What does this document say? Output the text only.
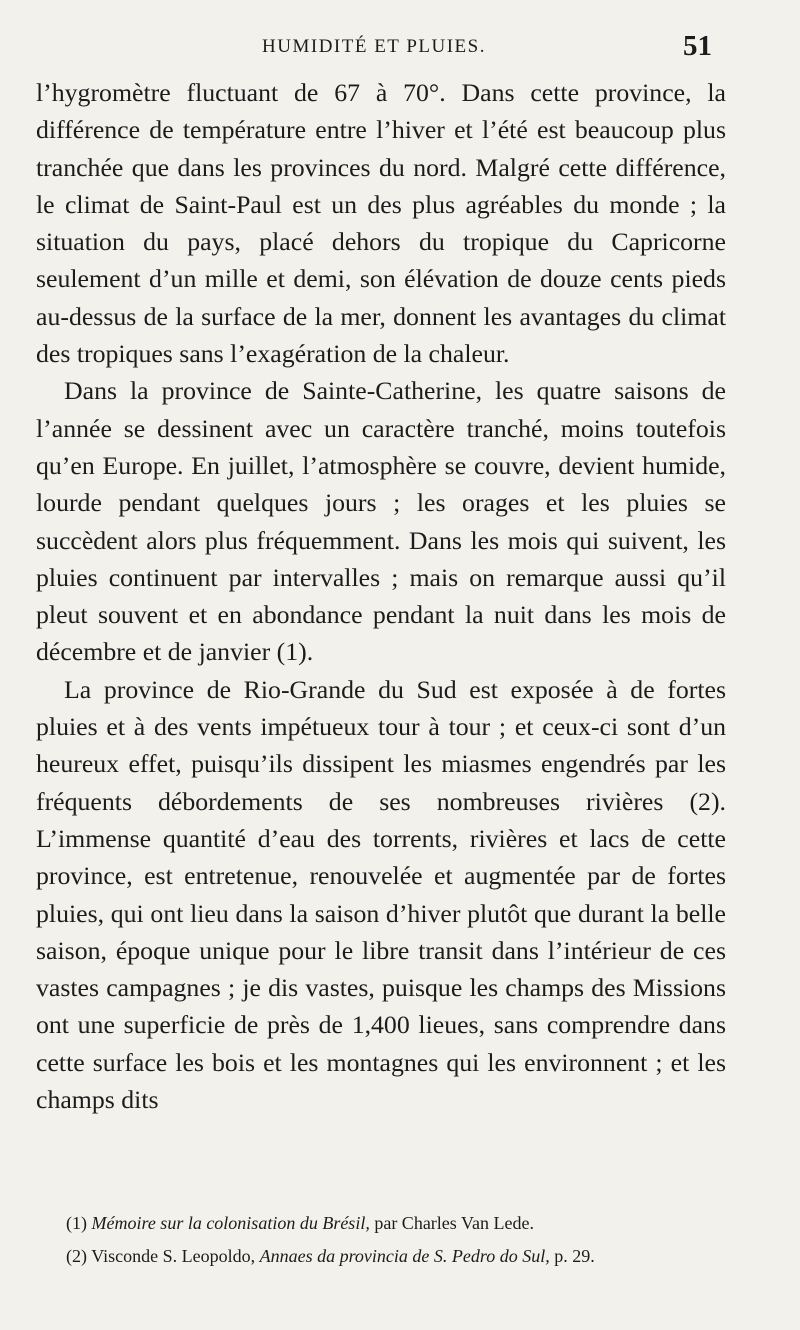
HUMIDITÉ ET PLUIES.	51

l’hygromètre fluctuant de 67 à 70°. Dans cette province, la différence de température entre l’hiver et l’été est beaucoup plus tranchée que dans les provinces du nord. Malgré cette différence, le climat de Saint-Paul est un des plus agréables du monde ; la situation du pays, placé dehors du tropique du Capricorne seulement d’un mille et demi, son élévation de douze cents pieds au-dessus de la surface de la mer, donnent les avantages du climat des tropiques sans l’exagération de la chaleur.

Dans la province de Sainte-Catherine, les quatre saisons de l’année se dessinent avec un caractère tranché, moins toutefois qu’en Europe. En juillet, l’atmosphère se couvre, devient humide, lourde pendant quelques jours ; les orages et les pluies se succèdent alors plus fréquemment. Dans les mois qui suivent, les pluies continuent par intervalles ; mais on remarque aussi qu’il pleut souvent et en abondance pendant la nuit dans les mois de décembre et de janvier (1).

La province de Rio-Grande du Sud est exposée à de fortes pluies et à des vents impétueux tour à tour ; et ceux-ci sont d’un heureux effet, puisqu’ils dissipent les miasmes engendrés par les fréquents débordements de ses nombreuses rivières (2). L’immense quantité d’eau des torrents, rivières et lacs de cette province, est entretenue, renouvelée et augmentée par de fortes pluies, qui ont lieu dans la saison d’hiver plutôt que durant la belle saison, époque unique pour le libre transit dans l’intérieur de ces vastes campagnes ; je dis vastes, puisque les champs des Missions ont une superficie de près de 1,400 lieues, sans comprendre dans cette surface les bois et les montagnes qui les environnent ; et les champs dits

(1) Mémoire sur la colonisation du Brésil, par Charles Van Lede.
(2) Visconde S. Leopoldo, Annaes da provincia de S. Pedro do Sul, p. 29.
